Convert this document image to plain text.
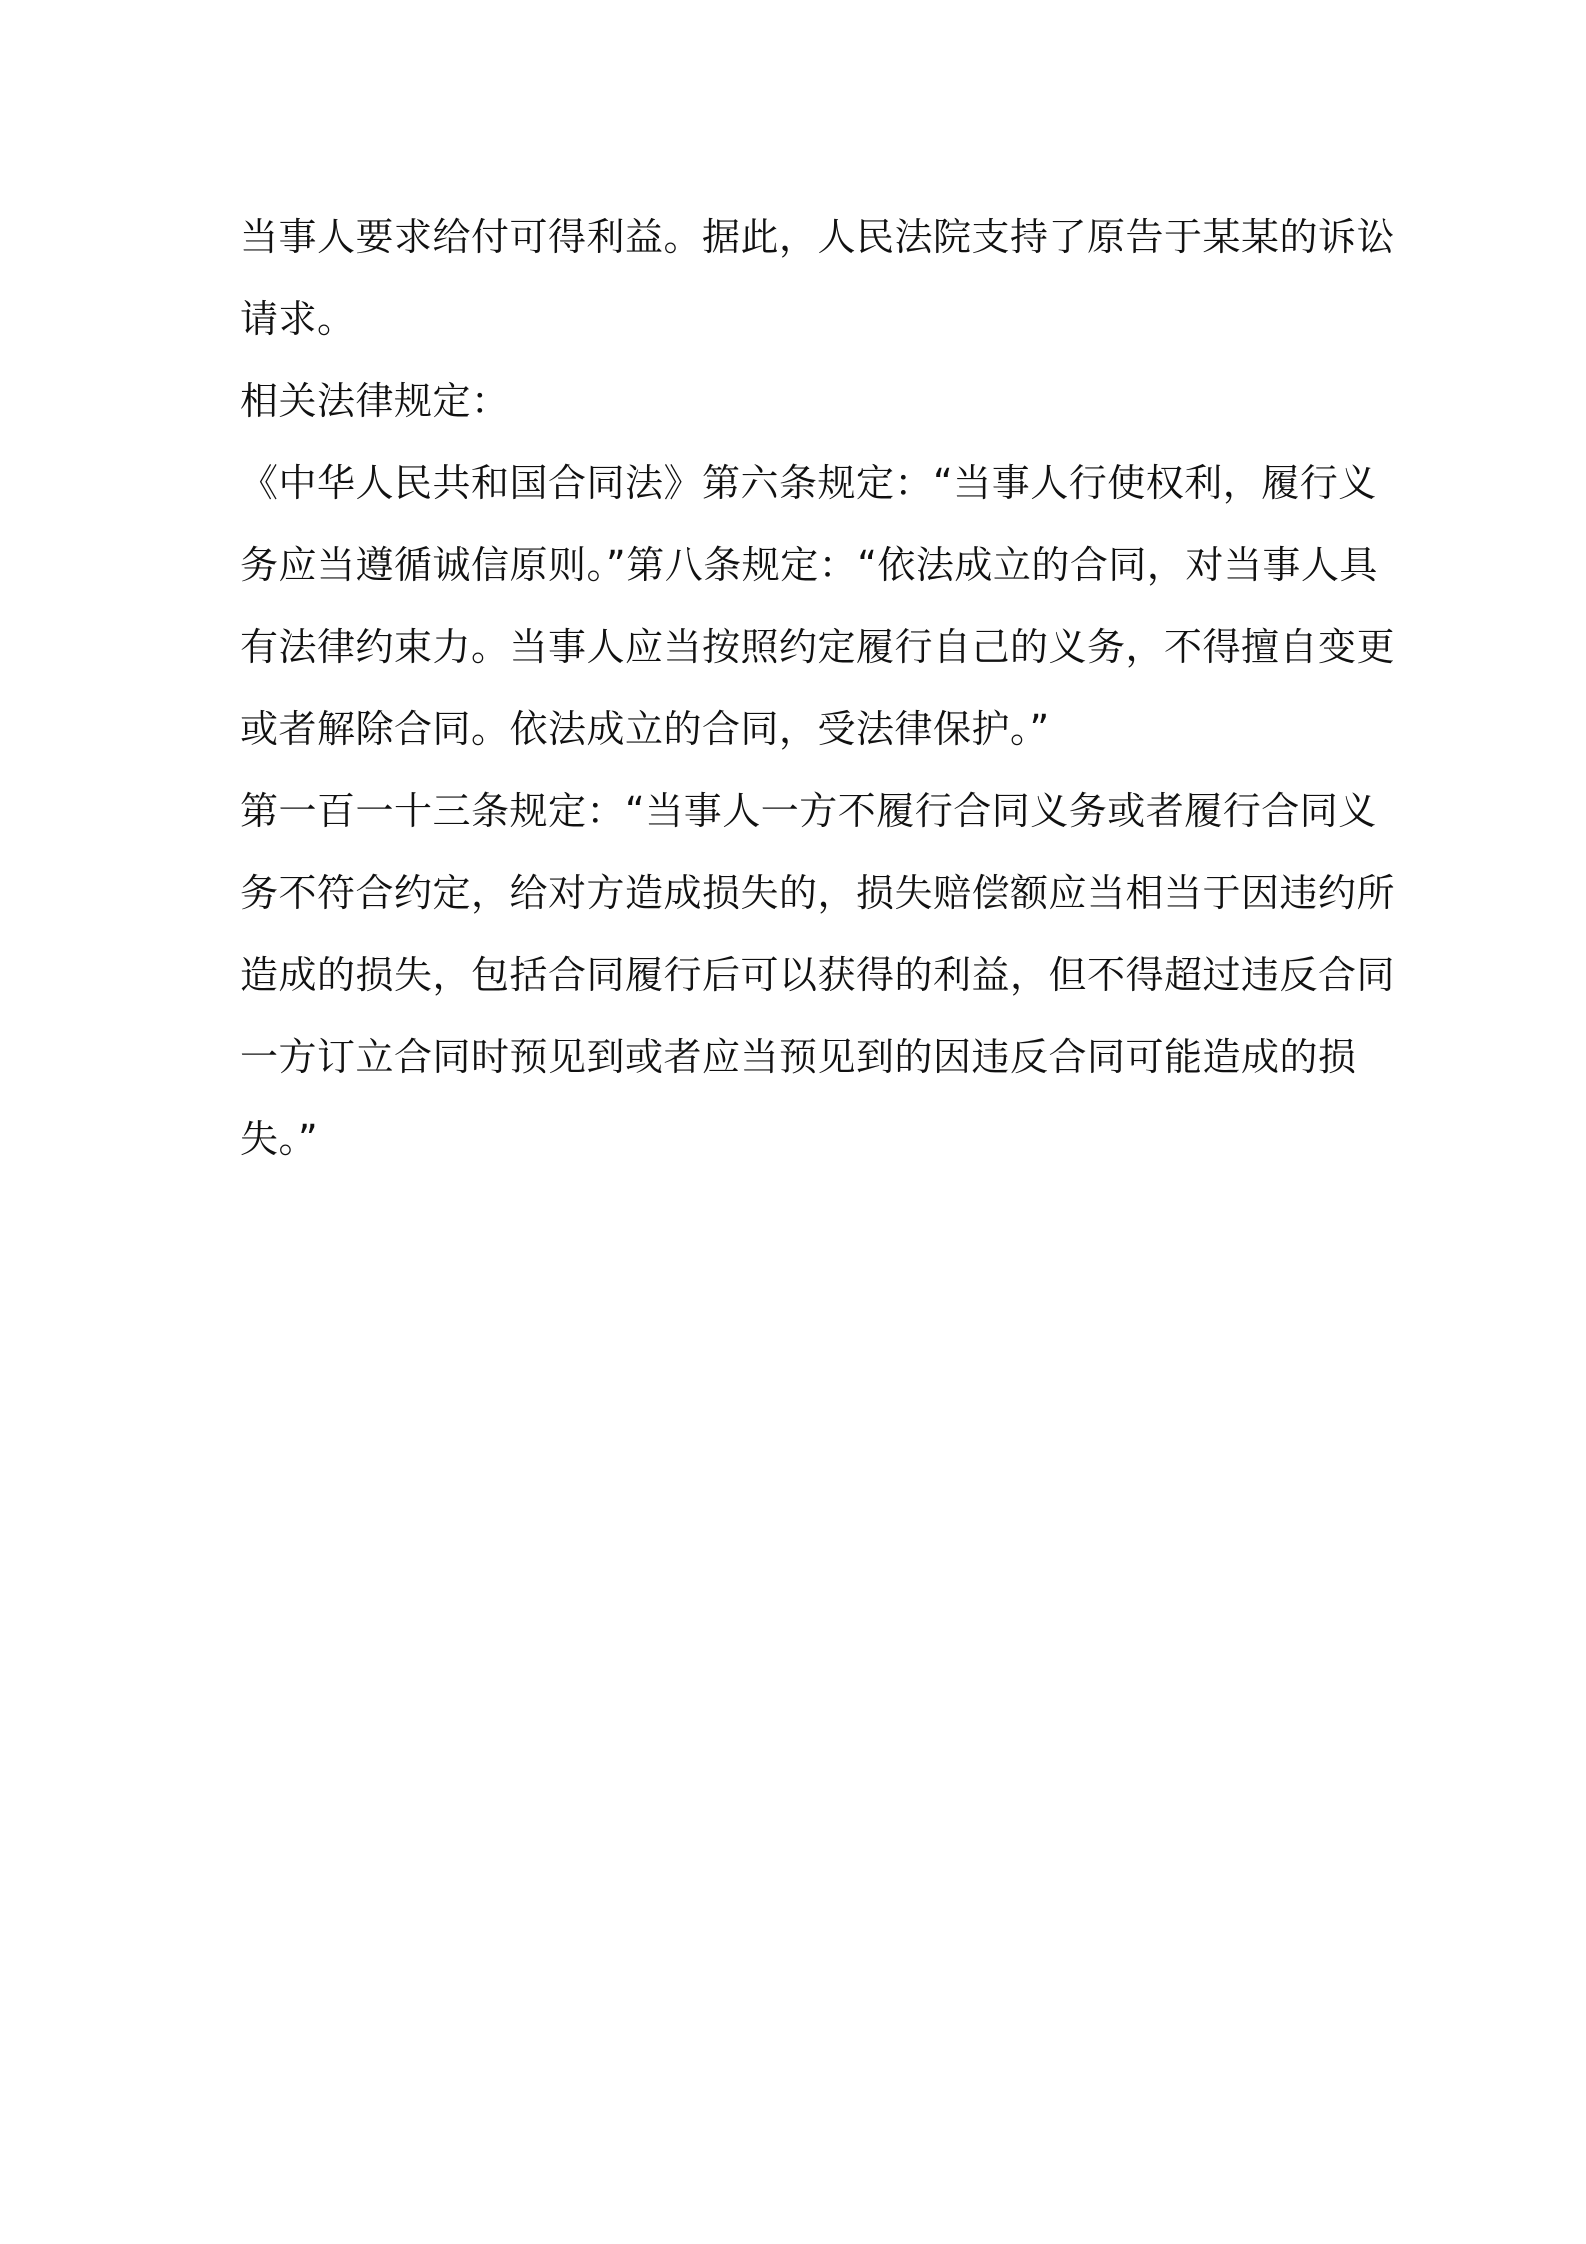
当事人要求给付可得利益。据此，人民法院支持了原告于某某的诉讼
请求。

相关法律规定：

《中华人民共和国合同法》第六条规定：“当事人行使权利，履行义
务应当遵循诚信原则。”第八条规定：“依法成立的合同，对当事人具
有法律约束力。当事人应当按照约定履行自己的义务，不得擅自变更
或者解除合同。依法成立的合同，受法律保护。”

第一百一十三条规定：“当事人一方不履行合同义务或者履行合同义
务不符合约定，给对方造成损失的，损失赔偿额应当相当于因违约所
造成的损失，包括合同履行后可以获得的利益，但不得超过违反合同
一方订立合同时预见到或者应当预见到的因违反合同可能造成的损
失。”
